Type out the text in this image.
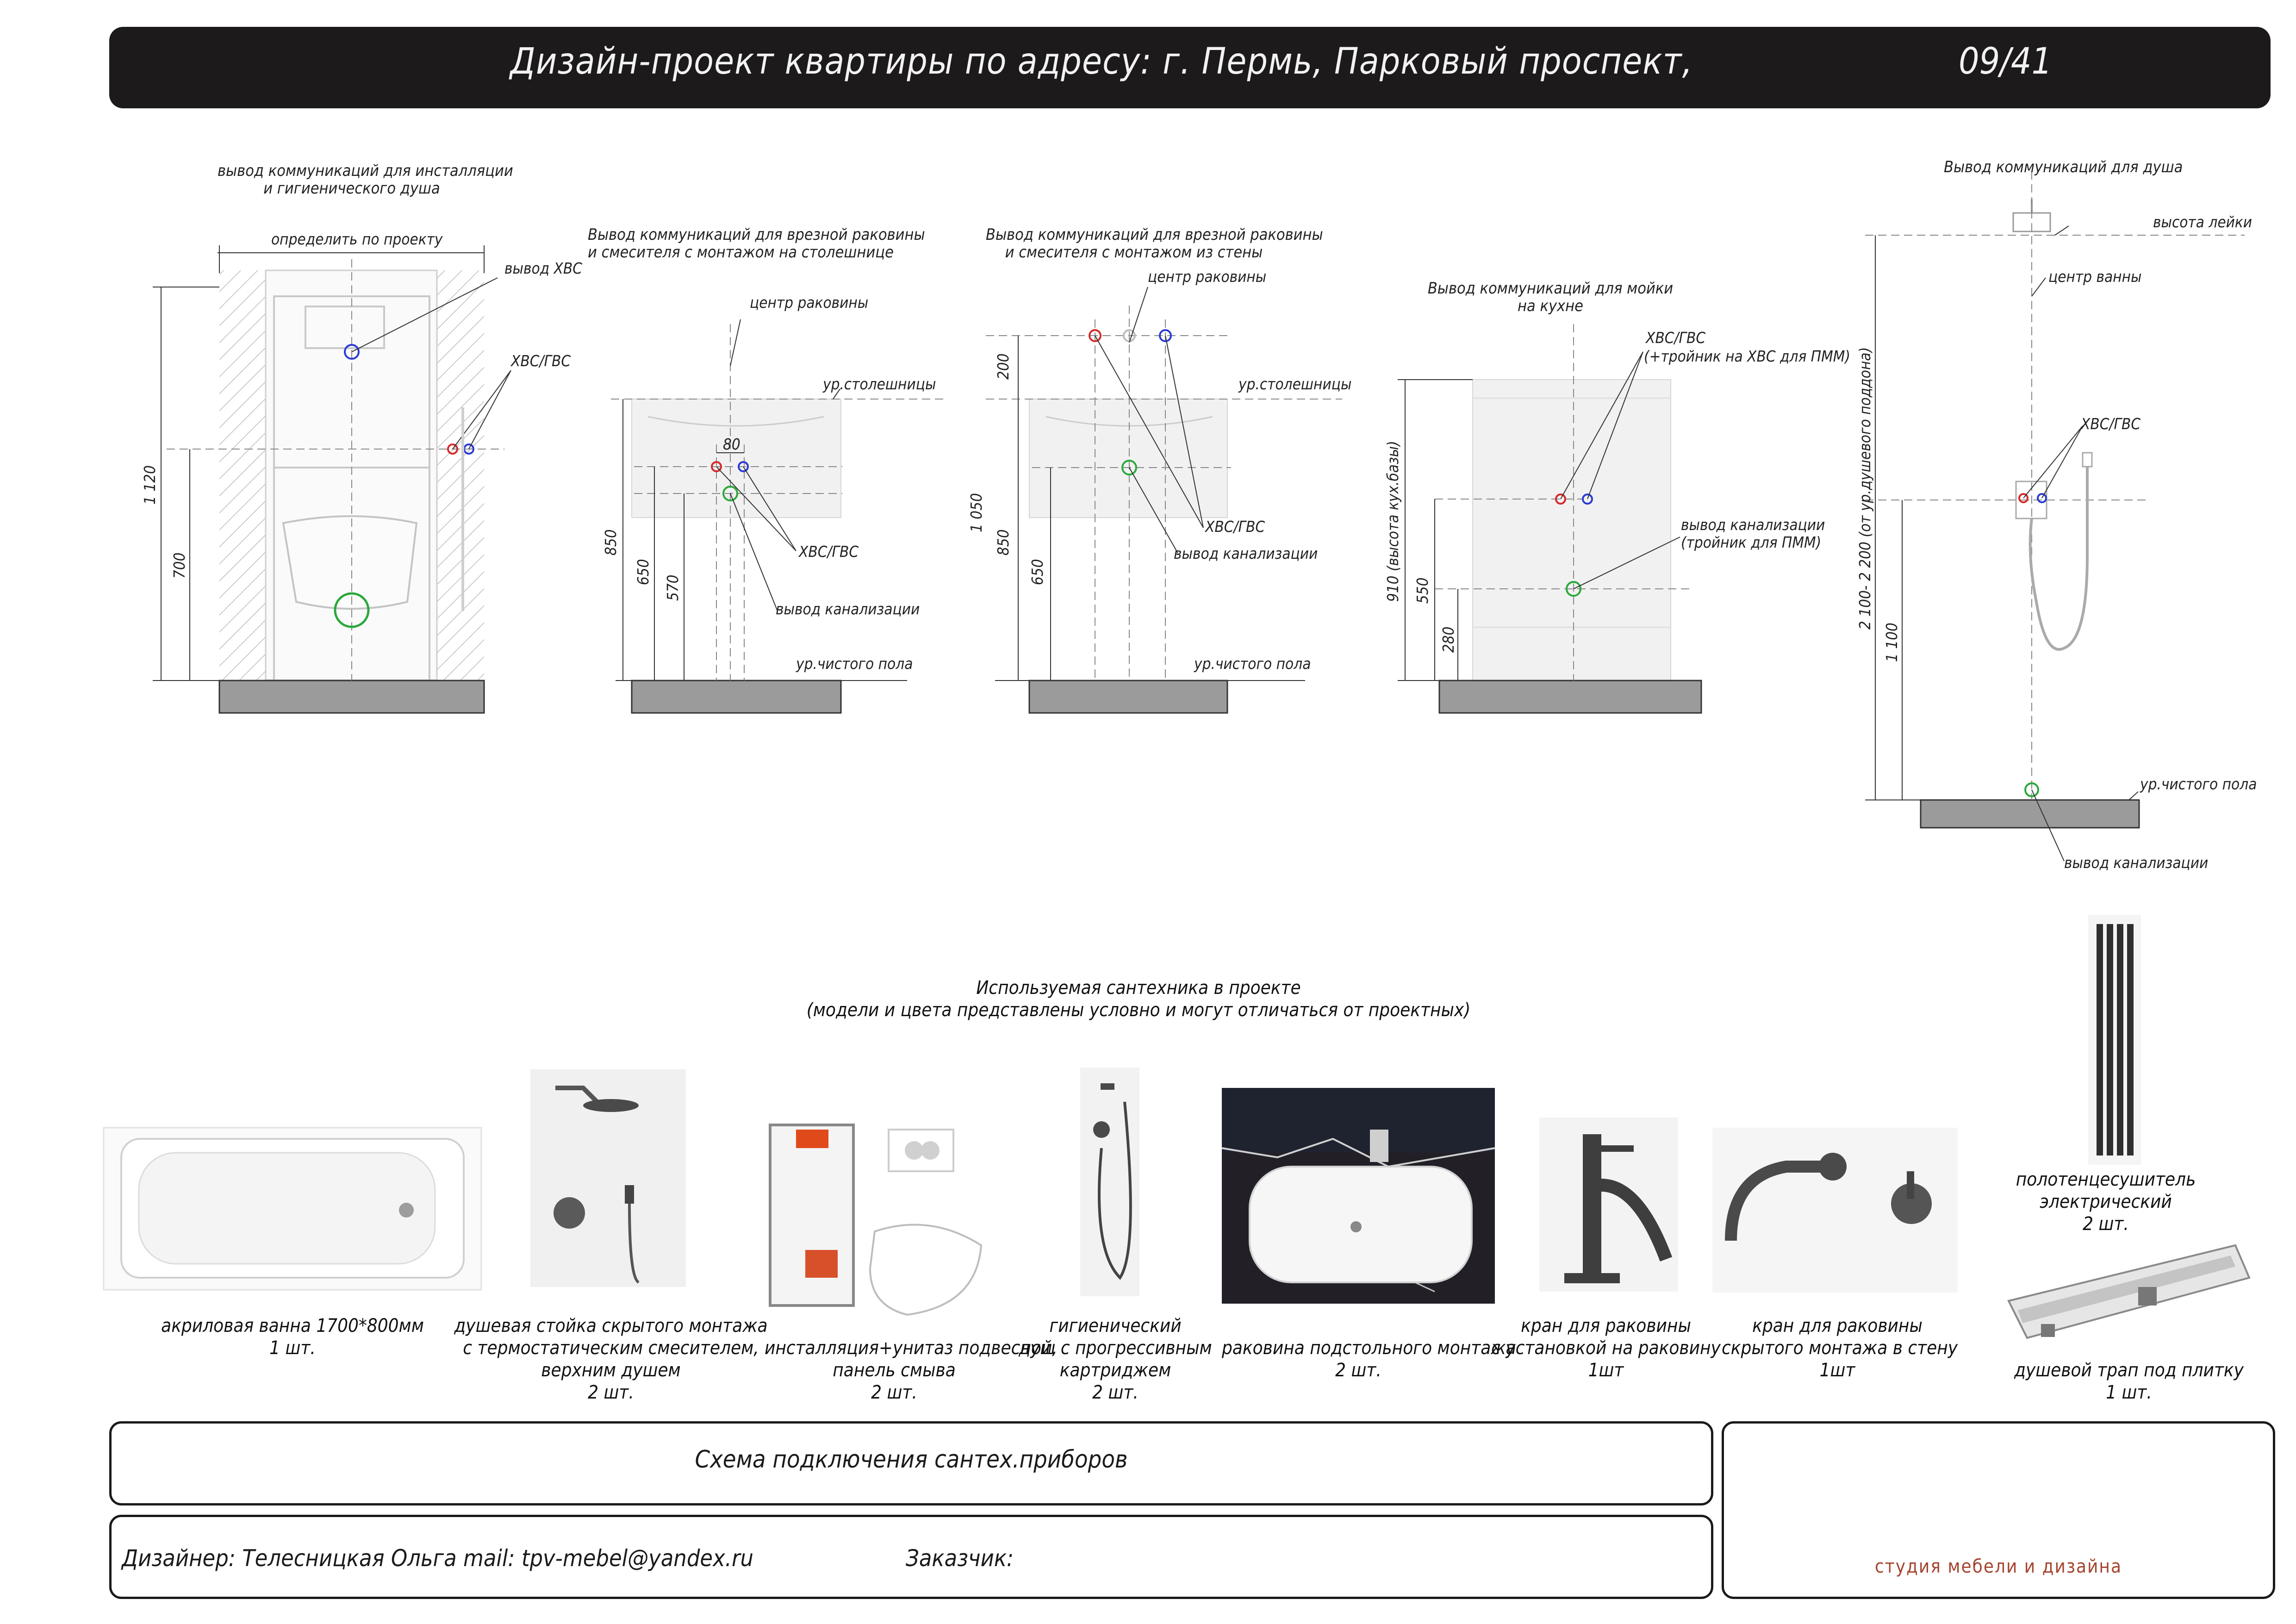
Дизайн-проект квартиры по адресу: г. Пермь, Парковый проспект,	09/41
вывод коммуникаций для инсталляции
и гигиенического душа
определить по проекту
вывод ХВС
ХВС/ГВС
1 120
700
Вывод коммуникаций для врезной раковины
и смесителя с монтажом на столешнице
центр раковины
ур.столешницы
80
ХВС/ГВС
вывод канализации
ур.чистого пола
850
650
570
Вывод коммуникаций для врезной раковины
и смесителя с монтажом из стены
центр раковины
ур.столешницы
ХВС/ГВС
вывод канализации
ур.чистого пола
1 050
200
850
650
Вывод коммуникаций для мойки
на кухне
ХВС/ГВС
(+тройник на ХВС для ПММ)
вывод канализации
(тройник для ПММ)
910 (высота кух.базы) 550
280
Вывод коммуникаций для душа
высота лейки
центр ванны
ХВС/ГВС
ур.чистого пола
вывод канализации
2 100- 2 200 (от ур.душевого поддона)
1 100
Используемая сантехника в проекте
(модели и цвета представлены условно и могут отличаться от проектных)
акриловая ванна 1700*800мм
1 шт.
душевая стойка скрытого монтажа
с термостатическим смесителем,
верхним душем
2 шт.
инсталляция+унитаз подвесной,
панель смыва
2 шт.
гигиенический
душ с прогрессивным
картриджем
2 шт.
раковина подстольного монтажа
2 шт.
кран для раковины
с установкой на раковину
1шт
кран для раковины
скрытого монтажа в стену
1шт
полотенцесушитель
электрический
2 шт.
душевой трап под плитку
1 шт.
Схема подключения сантех.приборов
Дизайнер: Телесницкая Ольга mail: tpv-mebel@yandex.ru	Заказчик:	студия мебели и дизайна
